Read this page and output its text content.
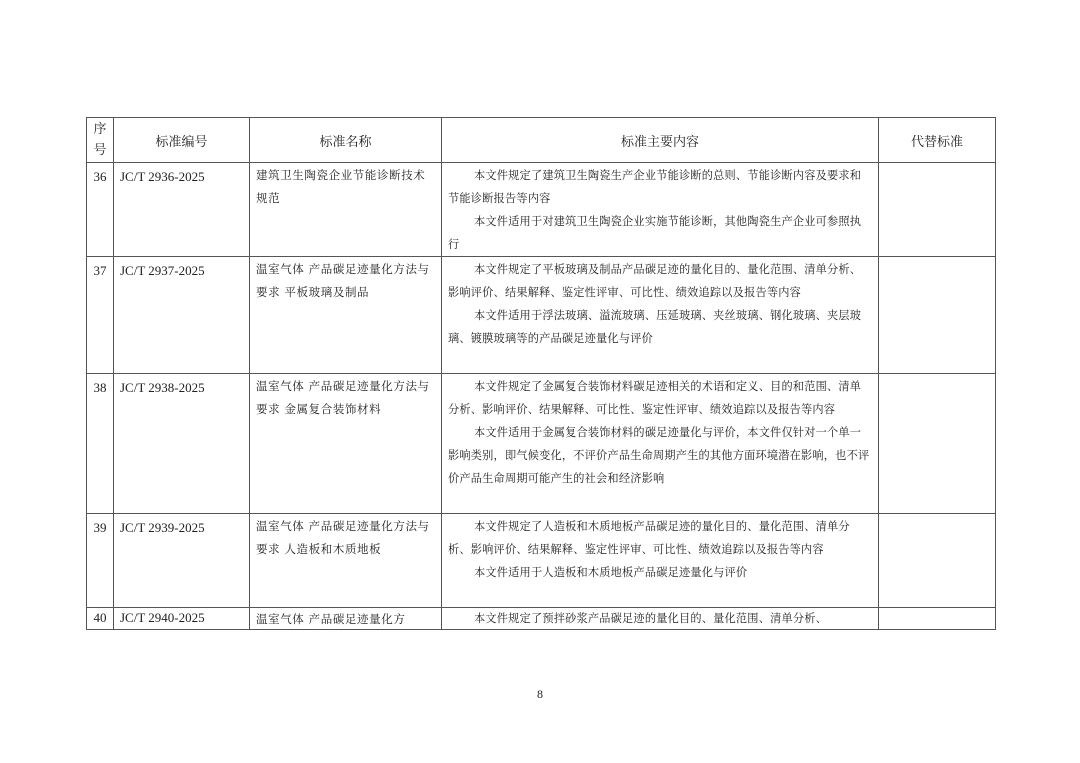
序
号	标准编号	标准名称	标准主要内容	代替标准
36	JC/T 2936-2025	建筑卫生陶瓷企业节能诊断技术规范	本文件规定了建筑卫生陶瓷生产企业节能诊断的总则、节能诊断内容及要求和节能诊断报告等内容
本文件适用于对建筑卫生陶瓷企业实施节能诊断，其他陶瓷生产企业可参照执行	

37	JC/T 2937-2025	温室气体 产品碳足迹量化方法与要求 平板玻璃及制品	本文件规定了平板玻璃及制品产品碳足迹的量化目的、量化范围、清单分析、影响评价、结果解释、鉴定性评审、可比性、绩效追踪以及报告等内容
本文件适用于浮法玻璃、溢流玻璃、压延玻璃、夹丝玻璃、钢化玻璃、夹层玻璃、镀膜玻璃等的产品碳足迹量化与评价	

38	JC/T 2938-2025	温室气体 产品碳足迹量化方法与要求 金属复合装饰材料	本文件规定了金属复合装饰材料碳足迹相关的术语和定义、目的和范围、清单分析、影响评价、结果解释、可比性、鉴定性评审、绩效追踪以及报告等内容
本文件适用于金属复合装饰材料的碳足迹量化与评价，本文件仅针对一个单一影响类别，即气候变化，不评价产品生命周期产生的其他方面环境潜在影响，也不评价产品生命周期可能产生的社会和经济影响	

39	JC/T 2939-2025	温室气体 产品碳足迹量化方法与要求 人造板和木质地板	本文件规定了人造板和木质地板产品碳足迹的量化目的、量化范围、清单分析、影响评价、结果解释、鉴定性评审、可比性、绩效追踪以及报告等内容
本文件适用于人造板和木质地板产品碳足迹量化与评价	

40	JC/T 2940-2025	温室气体 产品碳足迹量化方	本文件规定了预拌砂浆产品碳足迹的量化目的、量化范围、清单分析、	

8
